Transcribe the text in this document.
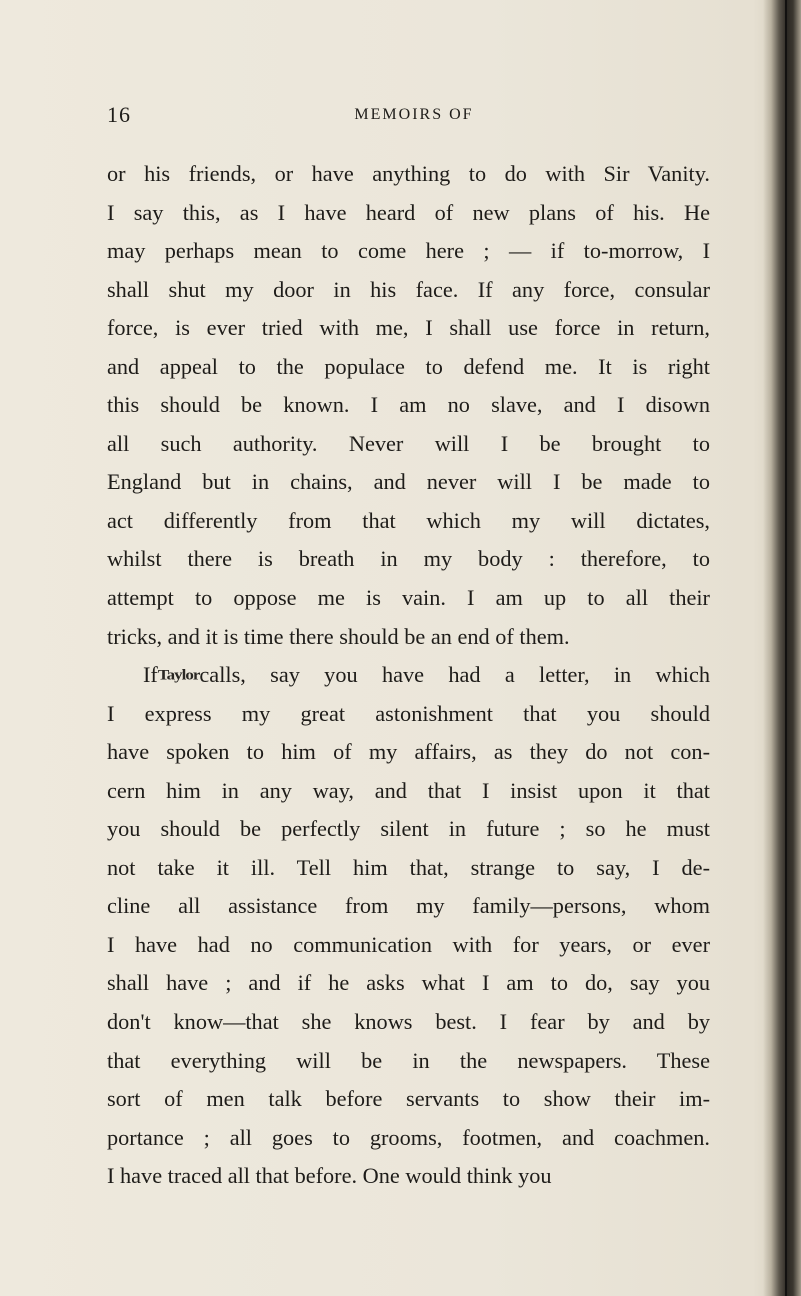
16	MEMOIRS OF
or his friends, or have anything to do with Sir Vanity.
I say this, as I have heard of new plans of his. He
may perhaps mean to come here ; — if to-morrow, I
shall shut my door in his face. If any force, consular
force, is ever tried with me, I shall use force in return,
and appeal to the populace to defend me. It is right
this should be known. I am no slave, and I disown
all such authority. Never will I be brought to
England but in chains, and never will I be made to
act differently from that which my will dictates,
whilst there is breath in my body : therefore, to
attempt to oppose me is vain. I am up to all their
tricks, and it is time there should be an end of them.
IfTaylorcalls, say you have had a letter, in which
I express my great astonishment that you should
have spoken to him of my affairs, as they do not con-
cern him in any way, and that I insist upon it that
you should be perfectly silent in future ; so he must
not take it ill. Tell him that, strange to say, I de-
cline all assistance from my family—persons, whom
I have had no communication with for years, or ever
shall have ; and if he asks what I am to do, say you
don't know—that she knows best. I fear by and by
that everything will be in the newspapers. These
sort of men talk before servants to show their im-
portance ; all goes to grooms, footmen, and coachmen.
I have traced all that before. One would think you
